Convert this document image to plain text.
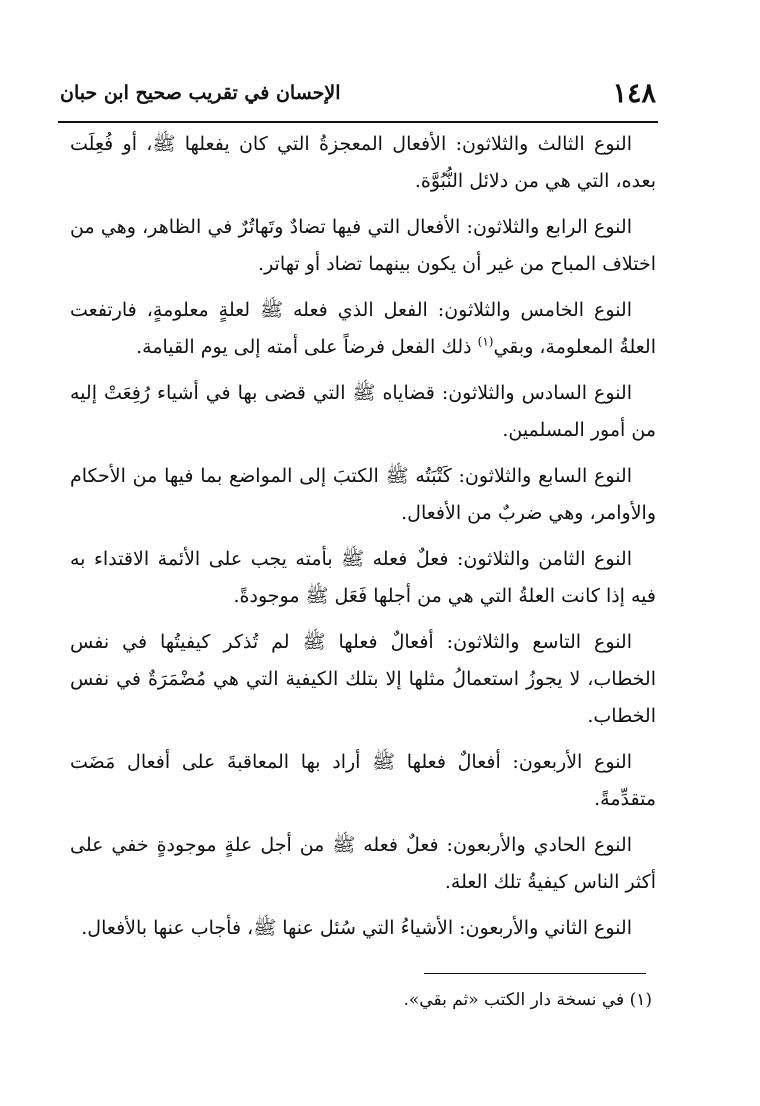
١٤٨
الإحسان في تقريب صحيح ابن حبان

النوع الثالث والثلاثون: الأفعال المعجزةُ التي كان يفعلها ﷺ، أو فُعِلَت بعده، التي هي من دلائل النُّبُوَّة.

النوع الرابع والثلاثون: الأفعال التي فيها تضادٌ وتَهاتُرٌ في الظاهر، وهي من اختلاف المباح من غير أن يكون بينهما تضاد أو تهاتر.

النوع الخامس والثلاثون: الفعل الذي فعله ﷺ لعلةٍ معلومةٍ، فارتفعت العلةُ المعلومة، وبقي$^{(١)}$ ذلك الفعل فرضاً على أمته إلى يوم القيامة.

النوع السادس والثلاثون: قضاياه ﷺ التي قضى بها في أشياء رُفِعَتْ إليه من أمور المسلمين.

النوع السابع والثلاثون: كَتْبَتُه ﷺ الكتبَ إلى المواضع بما فيها من الأحكام والأوامر، وهي ضربٌ من الأفعال.

النوع الثامن والثلاثون: فعلٌ فعله ﷺ بأمته يجب على الأئمة الاقتداء به فيه إذا كانت العلةُ التي هي من أجلها فَعَل ﷺ موجودةً.

النوع التاسع والثلاثون: أفعالٌ فعلها ﷺ لم تُذكر كيفيتُها في نفس الخطاب، لا يجوزُ استعمالُ مثلها إلا بتلك الكيفية التي هي مُضْمَرَةٌ في نفس الخطاب.

النوع الأربعون: أفعالٌ فعلها ﷺ أراد بها المعاقبةَ على أفعال مَضَت متقدِّمةً.

النوع الحادي والأربعون: فعلٌ فعله ﷺ من أجل علةٍ موجودةٍ خفي على أكثر الناس كيفيةُ تلك العلة.

النوع الثاني والأربعون: الأشياءُ التي سُئل عنها ﷺ، فأجاب عنها بالأفعال.

(١) في نسخة دار الكتب «ثم بقي».
